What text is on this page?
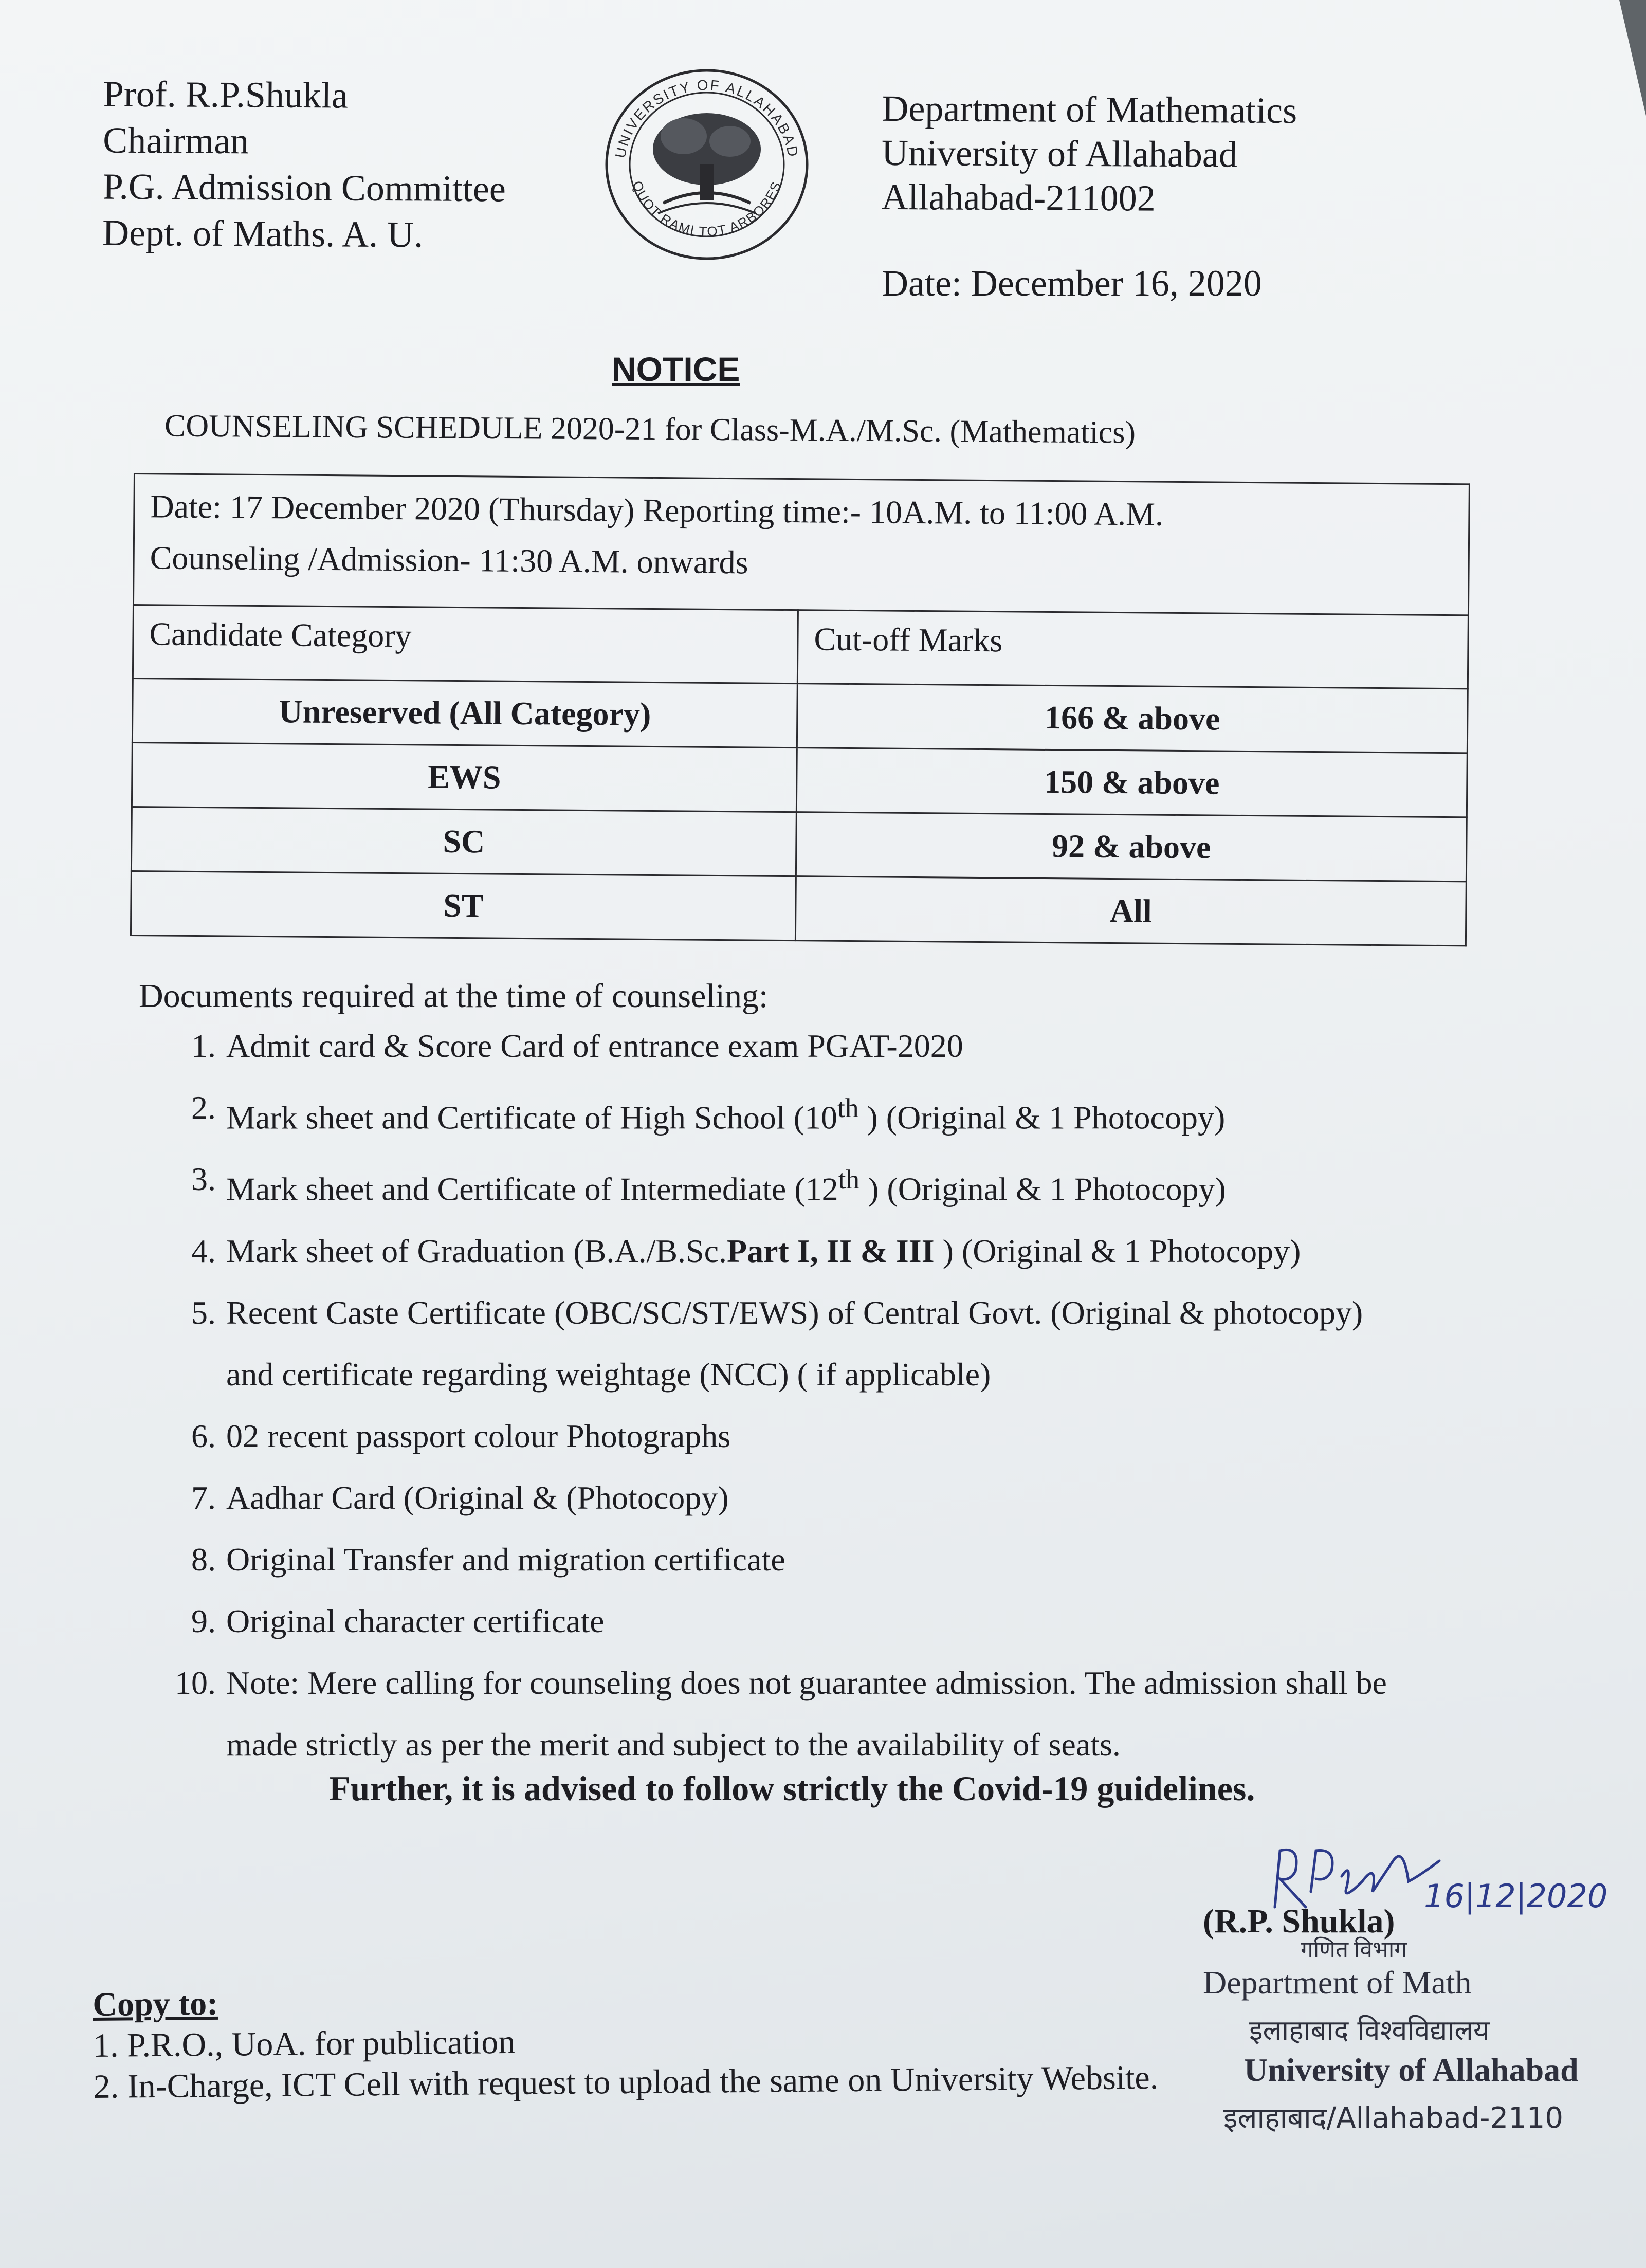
Prof. R.P.Shukla
Chairman
P.G. Admission Committee
Dept. of Maths. A. U.
UNIVERSITY OF ALLAHABAD
QUOT RAMI TOT ARBORES
Department of Mathematics
University of Allahabad
Allahabad-211002
Date: December 16, 2020
NOTICE
COUNSELING SCHEDULE 2020-21 for Class-M.A./M.Sc. (Mathematics)
Date: 17 December 2020 (Thursday) Reporting time:- 10A.M. to 11:00 A.M.
Counseling /Admission- 11:30 A.M. onwards	

Candidate Category	Cut-off Marks
Unreserved (All Category)	166 & above
EWS	150 & above
SC	92 & above
ST	All
Documents required at the time of counseling:
1. Admit card & Score Card of entrance exam PGAT-2020
2. Mark sheet and Certificate of High School (10th ) (Original & 1 Photocopy)
3. Mark sheet and Certificate of Intermediate (12th ) (Original & 1 Photocopy)
4. Mark sheet of Graduation (B.A./B.Sc.Part I, II & III ) (Original & 1 Photocopy)
5. Recent Caste Certificate (OBC/SC/ST/EWS) of Central Govt. (Original & photocopy)
and certificate regarding weightage (NCC) ( if applicable)
6. 02 recent passport colour Photographs
7. Aadhar Card (Original & (Photocopy)
8. Original Transfer and migration certificate
9. Original character certificate
10. Note: Mere calling for counseling does not guarantee admission. The admission shall be
made strictly as per the merit and subject to the availability of seats.
Further, it is advised to follow strictly the Covid-19 guidelines.
16|12|2020
(R.P. Shukla)
गणित विभाग
Department of Math
इलाहाबाद विश्वविद्यालय
University of Allahabad
इलाहाबाद/Allahabad-2110
Copy to:
1. P.R.O., UoA. for publication
2. In-Charge, ICT Cell with request to upload the same on University Website.
